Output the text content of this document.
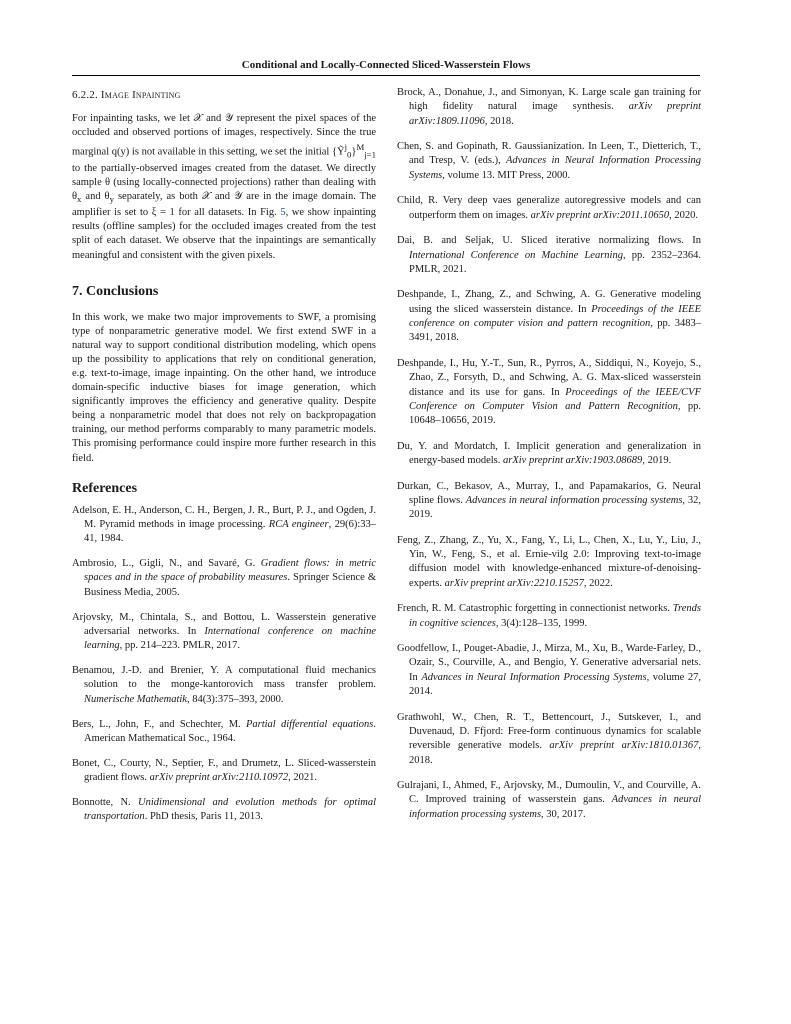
Conditional and Locally-Connected Sliced-Wasserstein Flows
6.2.2. Image Inpainting

For inpainting tasks, we let 𝒳 and 𝒴 represent the pixel spaces of the occluded and observed portions of images, respectively. Since the true marginal q(y) is not available in this setting, we set the initial {Ỹ$^j_0$}$^M_{j=1}$ to the partially-observed images created from the dataset. We directly sample θ (using locally-connected projections) rather than dealing with $\theta_x$ and $\theta_y$ separately, as both 𝒳 and 𝒴 are in the image domain. The amplifier is set to ξ = 1 for all datasets. In Fig. 5, we show inpainting results (offline samples) for the occluded images created from the test split of each dataset. We observe that the inpaintings are semantically meaningful and consistent with the given pixels.

7. Conclusions

In this work, we make two major improvements to SWF, a promising type of nonparametric generative model. We first extend SWF in a natural way to support conditional distribution modeling, which opens up the possibility to applications that rely on conditional generation, e.g. text-to-image, image inpainting. On the other hand, we introduce domain-specific inductive biases for image generation, which significantly improves the efficiency and generative quality. Despite being a nonparametric model that does not rely on backpropagation training, our method performs comparably to many parametric models. This promising performance could inspire more further research in this field.

References

Adelson, E. H., Anderson, C. H., Bergen, J. R., Burt, P. J., and Ogden, J. M. Pyramid methods in image processing. RCA engineer, 29(6):33–41, 1984.

Ambrosio, L., Gigli, N., and Savaré, G. Gradient flows: in metric spaces and in the space of probability measures. Springer Science & Business Media, 2005.

Arjovsky, M., Chintala, S., and Bottou, L. Wasserstein generative adversarial networks. In International conference on machine learning, pp. 214–223. PMLR, 2017.

Benamou, J.-D. and Brenier, Y. A computational fluid mechanics solution to the monge-kantorovich mass transfer problem. Numerische Mathematik, 84(3):375–393, 2000.

Bers, L., John, F., and Schechter, M. Partial differential equations. American Mathematical Soc., 1964.

Bonet, C., Courty, N., Septier, F., and Drumetz, L. Sliced-wasserstein gradient flows. arXiv preprint arXiv:2110.10972, 2021.

Bonnotte, N. Unidimensional and evolution methods for optimal transportation. PhD thesis, Paris 11, 2013.

Brock, A., Donahue, J., and Simonyan, K. Large scale gan training for high fidelity natural image synthesis. arXiv preprint arXiv:1809.11096, 2018.

Chen, S. and Gopinath, R. Gaussianization. In Leen, T., Dietterich, T., and Tresp, V. (eds.), Advances in Neural Information Processing Systems, volume 13. MIT Press, 2000.

Child, R. Very deep vaes generalize autoregressive models and can outperform them on images. arXiv preprint arXiv:2011.10650, 2020.

Dai, B. and Seljak, U. Sliced iterative normalizing flows. In International Conference on Machine Learning, pp. 2352–2364. PMLR, 2021.

Deshpande, I., Zhang, Z., and Schwing, A. G. Generative modeling using the sliced wasserstein distance. In Proceedings of the IEEE conference on computer vision and pattern recognition, pp. 3483–3491, 2018.

Deshpande, I., Hu, Y.-T., Sun, R., Pyrros, A., Siddiqui, N., Koyejo, S., Zhao, Z., Forsyth, D., and Schwing, A. G. Max-sliced wasserstein distance and its use for gans. In Proceedings of the IEEE/CVF Conference on Computer Vision and Pattern Recognition, pp. 10648–10656, 2019.

Du, Y. and Mordatch, I. Implicit generation and generalization in energy-based models. arXiv preprint arXiv:1903.08689, 2019.

Durkan, C., Bekasov, A., Murray, I., and Papamakarios, G. Neural spline flows. Advances in neural information processing systems, 32, 2019.

Feng, Z., Zhang, Z., Yu, X., Fang, Y., Li, L., Chen, X., Lu, Y., Liu, J., Yin, W., Feng, S., et al. Ernie-vilg 2.0: Improving text-to-image diffusion model with knowledge-enhanced mixture-of-denoising-experts. arXiv preprint arXiv:2210.15257, 2022.

French, R. M. Catastrophic forgetting in connectionist networks. Trends in cognitive sciences, 3(4):128–135, 1999.

Goodfellow, I., Pouget-Abadie, J., Mirza, M., Xu, B., Warde-Farley, D., Ozair, S., Courville, A., and Bengio, Y. Generative adversarial nets. In Advances in Neural Information Processing Systems, volume 27, 2014.

Grathwohl, W., Chen, R. T., Bettencourt, J., Sutskever, I., and Duvenaud, D. Ffjord: Free-form continuous dynamics for scalable reversible generative models. arXiv preprint arXiv:1810.01367, 2018.

Gulrajani, I., Ahmed, F., Arjovsky, M., Dumoulin, V., and Courville, A. C. Improved training of wasserstein gans. Advances in neural information processing systems, 30, 2017.
